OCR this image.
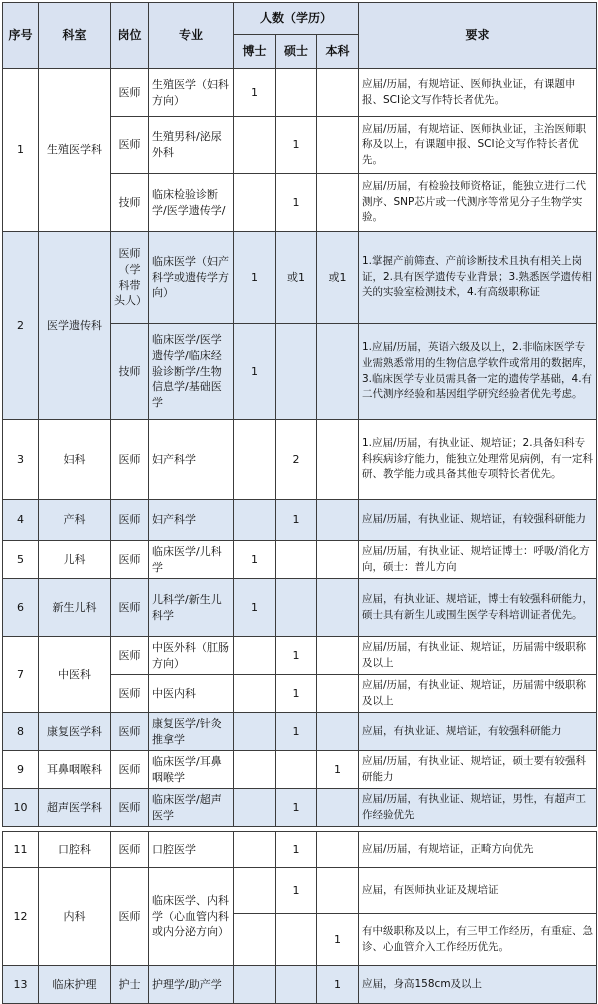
序号	科室	岗位	专业	人数（学历）			要求
				博士	硕士	本科	
1	生殖医学科	医师	生殖医学（妇科方向）	1			应届/历届，有规培证、医师执业证，有课题申报、SCI论文写作特长者优先。
		医师	生殖男科/泌尿外科		1		应届/历届，有规培证、医师执业证，主治医师职称及以上，有课题申报、SCI论文写作特长者优先。
		技师	临床检验诊断学/医学遗传学/		1		应届/历届，有检验技师资格证，能独立进行二代测序、SNP芯片或一代测序等常见分子生物学实验。
2	医学遗传科	医师（学科带头人）	临床医学（妇产科学或遗传学方向）	1	或1	或1	1.掌握产前筛查、产前诊断技术且执有相关上岗证，2.具有医学遗传专业背景；3.熟悉医学遗传相关的实验室检测技术，4.有高级职称证
		技师	临床医学/医学遗传学/临床经验诊断学/生物信息学/基础医学	1			1.应届/历届，英语六级及以上，2.非临床医学专业需熟悉常用的生物信息学软件或常用的数据库，3.临床医学专业员需具备一定的遗传学基础，4.有二代测序经验和基因组学研究经验者优先考虑。
3	妇科	医师	妇产科学		2		1.应届/历届，有执业证、规培证；2.具备妇科专科疾病诊疗能力，能独立处理常见病例，有一定科研、教学能力或具备其他专项特长者优先。
4	产科	医师	妇产科学		1		应届/历届，有执业证、规培证，有较强科研能力
5	儿科	医师	临床医学/儿科学	1			应届/历届，有执业证、规培证博士：呼吸/消化方向，硕士：普儿方向
6	新生儿科	医师	儿科学/新生儿科学	1			应届，有执业证、规培证，博士有较强科研能力，硕士具有新生儿或围生医学专科培训证者优先。
7	中医科	医师	中医外科（肛肠方向）		1		应届/历届，有执业证、规培证，历届需中级职称及以上
		医师	中医内科		1		应届/历届，有执业证、规培证，历届需中级职称及以上
8	康复医学科	医师	康复医学/针灸推拿学		1		应届，有执业证、规培证，有较强科研能力
9	耳鼻咽喉科	医师	临床医学/耳鼻咽喉学			1	应届/历届，有执业证、规培证，硕士要有较强科研能力
10	超声医学科	医师	临床医学/超声医学		1		应届/历届，有执业证、规培证，男性，有超声工作经验优先

11	口腔科	医师	口腔医学		1		应届/历届，有规培证，正畸方向优先
12	内科	医师	临床医学、内科学（心血管内科或内分泌方向）		1		应届，有医师执业证及规培证
						1	有中级职称及以上，有三甲工作经历，有重症、急诊、心血管介入工作经历优先。
13	临床护理	护士	护理学/助产学			1	应届，身高158cm及以上
